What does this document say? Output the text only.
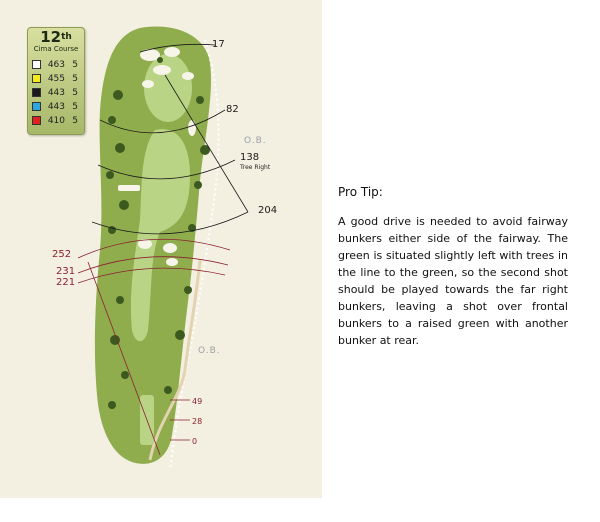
12th
Cima Course
463 5
455 5
443 5
443 5
410 5
17
82
138
Tree Right
204
252
231
221
49
28
0
O.B.
O.B.
Pro Tip:
A good drive is needed to avoid fairway bunkers either side of the fairway. The green is situated slightly left with trees in the line to the green, so the second shot should be played towards the far right bunkers, leaving a shot over frontal bunkers to a raised green with another bunker at rear.
